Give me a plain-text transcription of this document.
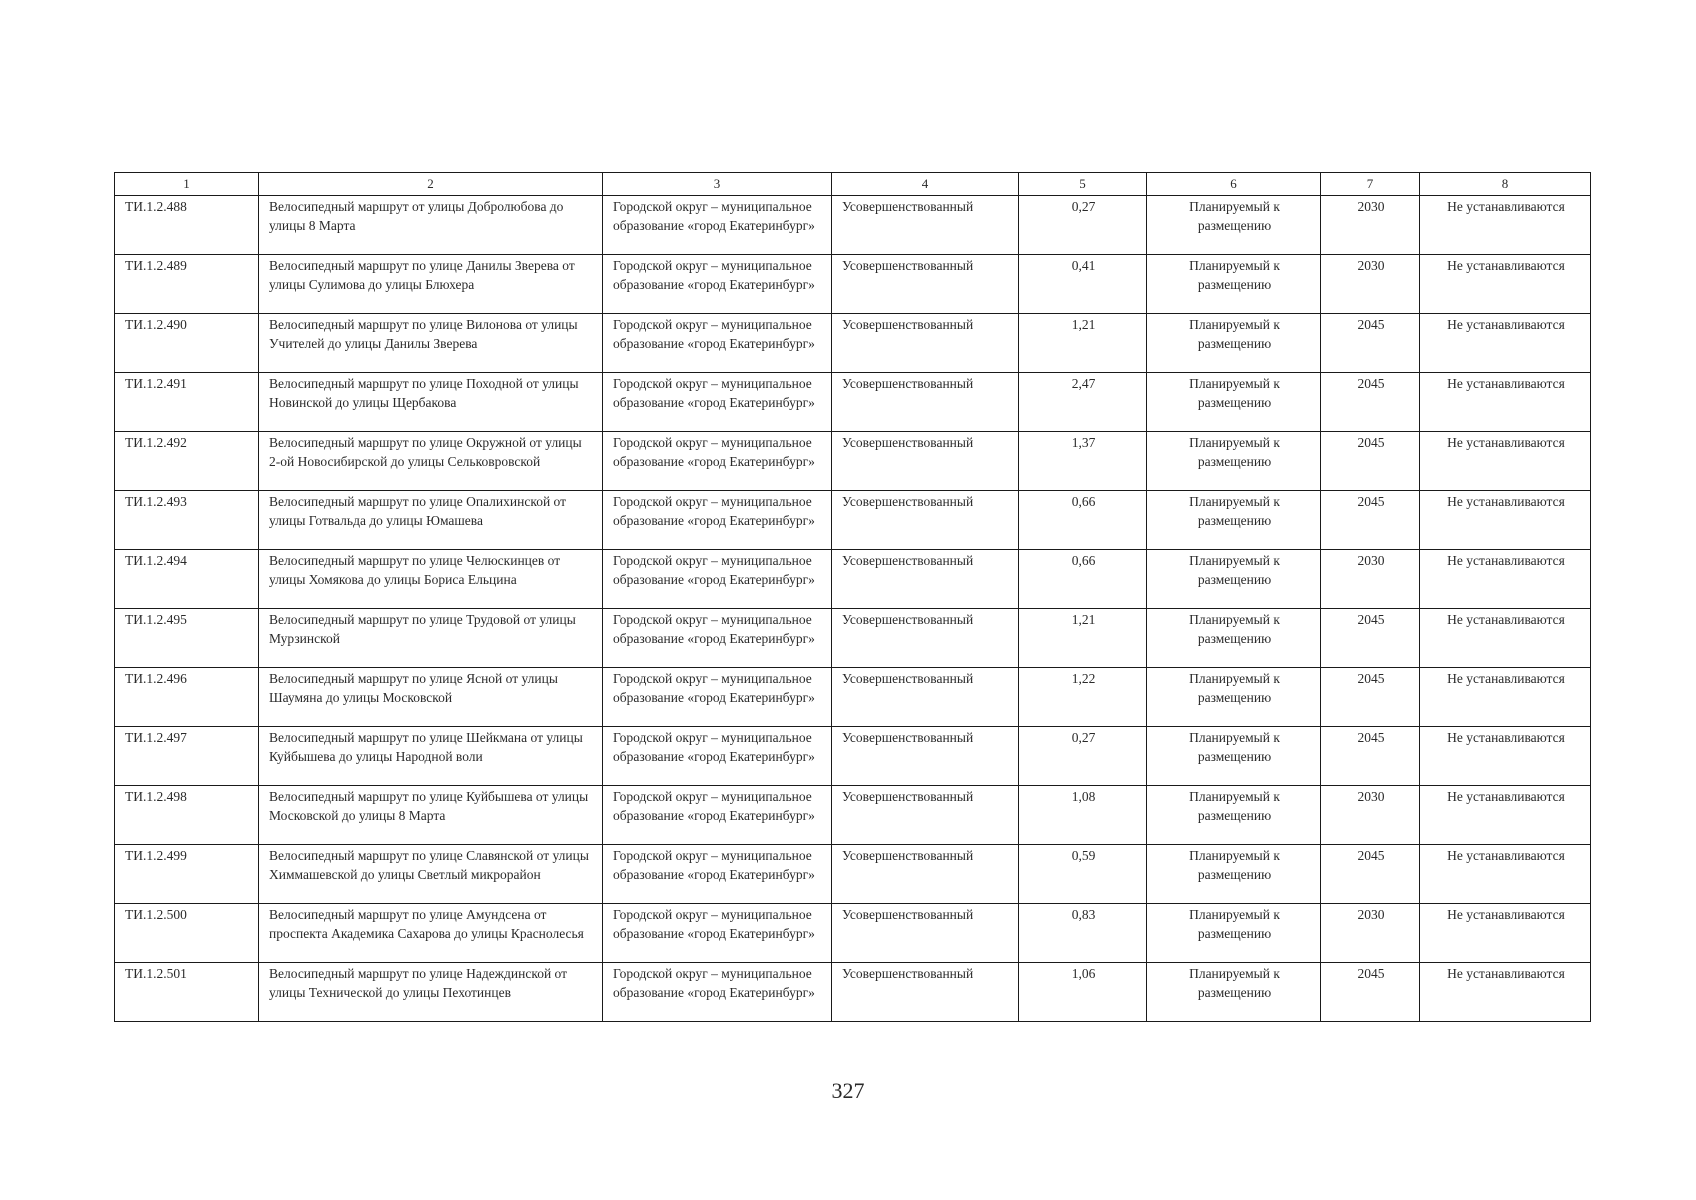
1	2	3	4	5	6	7	8
ТИ.1.2.488	Велосипедный маршрут от улицы Добролюбова до улицы 8 Марта	Городской округ – муниципальное образование «город Екатеринбург»	Усовершенствованный	0,27	Планируемый к размещению	2030	Не устанавливаются
ТИ.1.2.489	Велосипедный маршрут по улице Данилы Зверева от улицы Сулимова до улицы Блюхера	Городской округ – муниципальное образование «город Екатеринбург»	Усовершенствованный	0,41	Планируемый к размещению	2030	Не устанавливаются
ТИ.1.2.490	Велосипедный маршрут по улице Вилонова от улицы Учителей до улицы Данилы Зверева	Городской округ – муниципальное образование «город Екатеринбург»	Усовершенствованный	1,21	Планируемый к размещению	2045	Не устанавливаются
ТИ.1.2.491	Велосипедный маршрут по улице Походной от улицы Новинской до улицы Щербакова	Городской округ – муниципальное образование «город Екатеринбург»	Усовершенствованный	2,47	Планируемый к размещению	2045	Не устанавливаются
ТИ.1.2.492	Велосипедный маршрут по улице Окружной от улицы 2-ой Новосибирской до улицы Сельковровской	Городской округ – муниципальное образование «город Екатеринбург»	Усовершенствованный	1,37	Планируемый к размещению	2045	Не устанавливаются
ТИ.1.2.493	Велосипедный маршрут по улице Опалихинской от улицы Готвальда до улицы Юмашева	Городской округ – муниципальное образование «город Екатеринбург»	Усовершенствованный	0,66	Планируемый к размещению	2045	Не устанавливаются
ТИ.1.2.494	Велосипедный маршрут по улице Челюскинцев от улицы Хомякова до улицы Бориса Ельцина	Городской округ – муниципальное образование «город Екатеринбург»	Усовершенствованный	0,66	Планируемый к размещению	2030	Не устанавливаются
ТИ.1.2.495	Велосипедный маршрут по улице Трудовой от улицы Мурзинской	Городской округ – муниципальное образование «город Екатеринбург»	Усовершенствованный	1,21	Планируемый к размещению	2045	Не устанавливаются
ТИ.1.2.496	Велосипедный маршрут по улице Ясной от улицы Шаумяна до улицы Московской	Городской округ – муниципальное образование «город Екатеринбург»	Усовершенствованный	1,22	Планируемый к размещению	2045	Не устанавливаются
ТИ.1.2.497	Велосипедный маршрут по улице Шейкмана от улицы Куйбышева до улицы Народной воли	Городской округ – муниципальное образование «город Екатеринбург»	Усовершенствованный	0,27	Планируемый к размещению	2045	Не устанавливаются
ТИ.1.2.498	Велосипедный маршрут по улице Куйбышева от улицы Московской до улицы 8 Марта	Городской округ – муниципальное образование «город Екатеринбург»	Усовершенствованный	1,08	Планируемый к размещению	2030	Не устанавливаются
ТИ.1.2.499	Велосипедный маршрут по улице Славянской от улицы Химмашевской до улицы Светлый микрорайон	Городской округ – муниципальное образование «город Екатеринбург»	Усовершенствованный	0,59	Планируемый к размещению	2045	Не устанавливаются
ТИ.1.2.500	Велосипедный маршрут по улице Амундсена от проспекта Академика Сахарова до улицы Краснолесья	Городской округ – муниципальное образование «город Екатеринбург»	Усовершенствованный	0,83	Планируемый к размещению	2030	Не устанавливаются
ТИ.1.2.501	Велосипедный маршрут по улице Надеждинской от улицы Технической до улицы Пехотинцев	Городской округ – муниципальное образование «город Екатеринбург»	Усовершенствованный	1,06	Планируемый к размещению	2045	Не устанавливаются
327
